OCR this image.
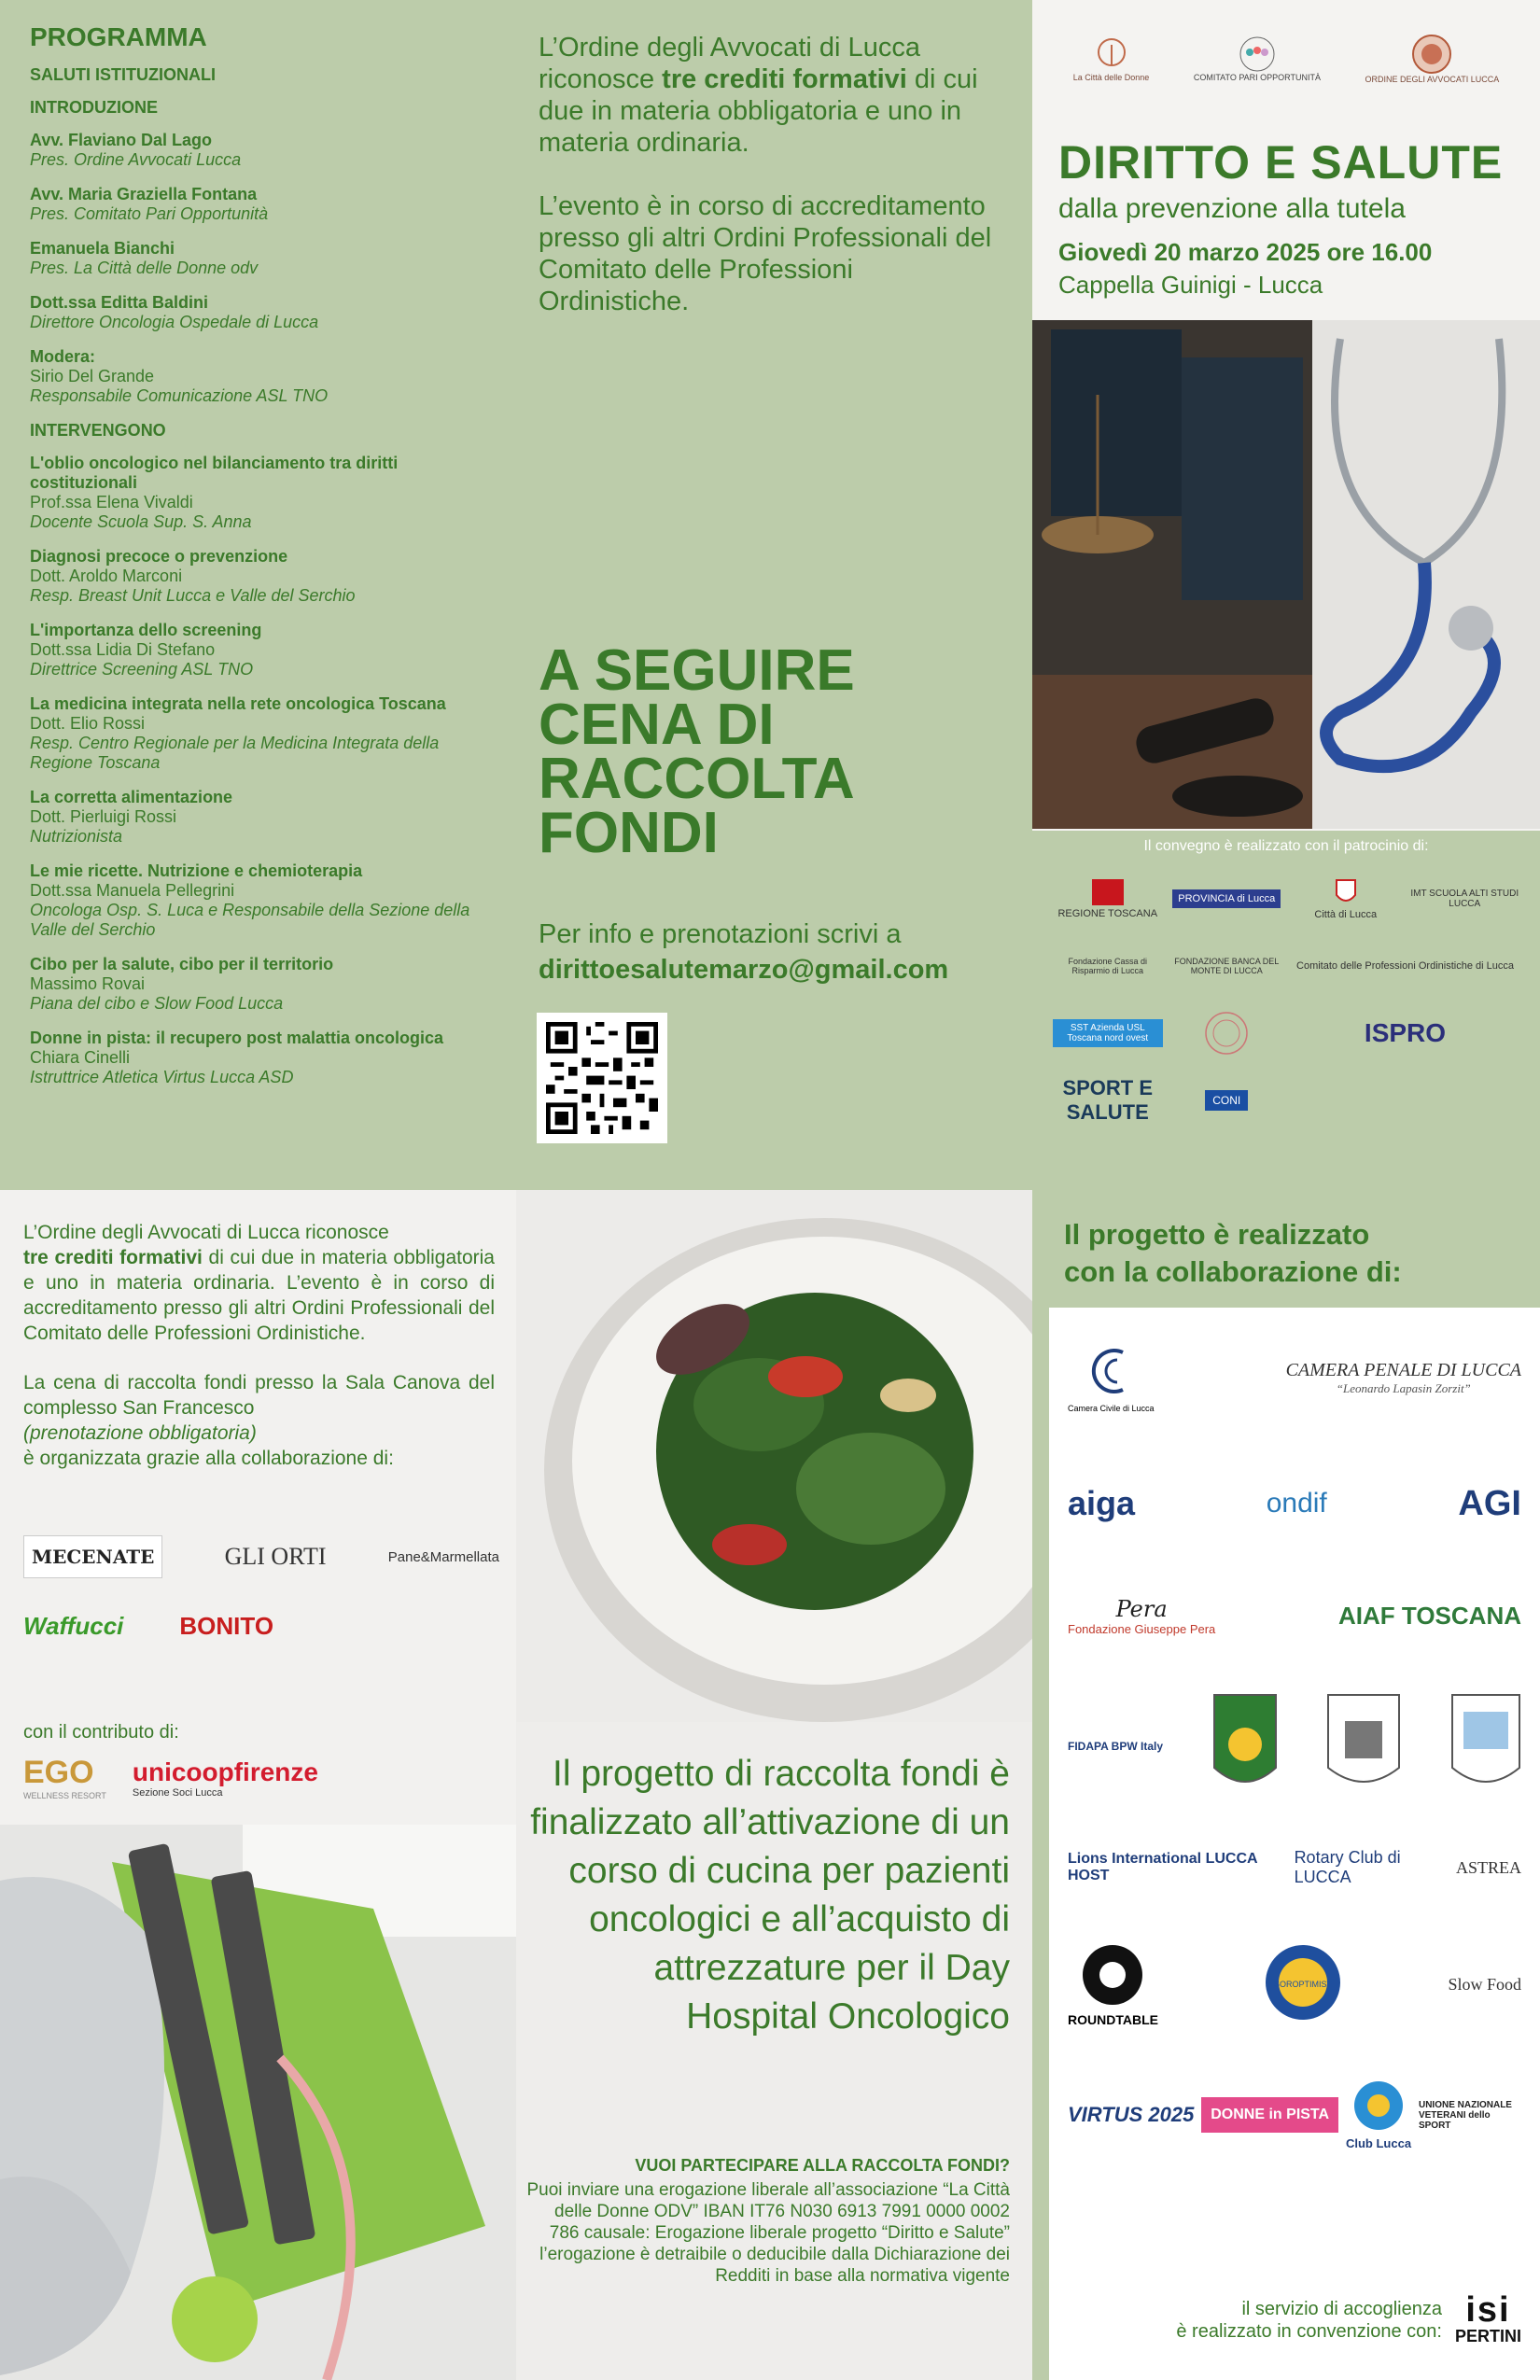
PROGRAMMA
SALUTI ISTITUZIONALI
INTRODUZIONE
Avv. Flaviano Dal Lago
Pres. Ordine Avvocati Lucca
Avv. Maria Graziella Fontana
Pres. Comitato Pari Opportunità
Emanuela Bianchi
Pres. La Città delle Donne odv
Dott.ssa Editta Baldini
Direttore Oncologia Ospedale di Lucca
Modera:
Sirio Del Grande
Responsabile Comunicazione ASL TNO
INTERVENGONO
L'oblio oncologico nel bilanciamento tra diritti costituzionali
Prof.ssa Elena Vivaldi
Docente Scuola Sup. S. Anna
Diagnosi precoce o prevenzione
Dott. Aroldo Marconi
Resp. Breast Unit Lucca e Valle del Serchio
L'importanza dello screening
Dott.ssa Lidia Di Stefano
Direttrice Screening ASL TNO
La medicina integrata nella rete oncologica Toscana
Dott. Elio Rossi
Resp. Centro Regionale per la Medicina Integrata della Regione Toscana
La corretta alimentazione
Dott. Pierluigi Rossi
Nutrizionista
Le mie ricette. Nutrizione e chemioterapia
Dott.ssa Manuela Pellegrini
Oncologa Osp. S. Luca e Responsabile della Sezione della Valle del Serchio
Cibo per la salute, cibo per il territorio
Massimo Rovai
Piana del cibo e Slow Food Lucca
Donne in pista: il recupero post malattia oncologica
Chiara Cinelli
Istruttrice Atletica Virtus Lucca ASD

L’Ordine degli Avvocati di Lucca riconosce tre crediti formativi di cui due in materia obbligatoria e uno in materia ordinaria.

L’evento è in corso di accreditamento presso gli altri Ordini Professionali del Comitato delle Professioni Ordinistiche.

A SEGUIRE
CENA DI
RACCOLTA
FONDI
Per info e prenotazioni scrivi a
dirittoesalutemarzo@gmail.com
La Città delle Donne	COMITATO PARI OPPORTUNITÀ	ORDINE DEGLI AVVOCATI LUCCA
DIRITTO E SALUTE
dalla prevenzione alla tutela
Giovedì 20 marzo 2025 ore 16.00
Cappella Guinigi - Lucca
Il convegno è realizzato con il patrocinio di:
REGIONE TOSCANA
PROVINCIA di Lucca
Città di Lucca
IMT SCUOLA ALTI STUDI LUCCA
Fondazione Cassa di Risparmio di Lucca
FONDAZIONE BANCA DEL MONTE DI LUCCA	Comitato delle Professioni Ordinistiche di Lucca
SST Azienda USL Toscana nord ovest	ISPRO
SPORT E SALUTE	CONI

L’Ordine degli Avvocati di Lucca riconosce
tre crediti formativi di cui due in materia obbligatoria e uno in materia ordinaria. L’evento è in corso di accreditamento presso gli altri Ordini Professionali del Comitato delle Professioni Ordinistiche.

La cena di raccolta fondi presso la Sala Canova del complesso San Francesco
(prenotazione obbligatoria)
è organizzata grazie alla collaborazione di:

MECENATE	GLI ORTI	Pane&Marmellata
Waffucci BONITO
con il contributo di:
EGO
WELLNESS RESORT
unicoopfirenze
Sezione Soci Lucca	Il progetto di raccolta fondi è finalizzato all’attivazione di un corso di cucina per pazienti oncologici e all’acquisto di attrezzature per il Day Hospital Oncologico
VUOI PARTECIPARE ALLA RACCOLTA FONDI?

Puoi inviare una erogazione liberale all’associazione “La Città delle Donne ODV” IBAN IT76 N030 6913 7991 0000 0002 786 causale: Erogazione liberale progetto “Diritto e Salute” l’erogazione è detraibile o deducibile dalla Dichiarazione dei Redditi in base alla normativa vigente

Il progetto è realizzato
con la collaborazione di:
Camera Civile di Lucca
CAMERA PENALE DI LUCCA
“Leonardo Lapasin Zorzit”
aiga	ondif	AGI
Pera
Fondazione Giuseppe Pera	AIAF TOSCANA
FIDAPA BPW Italy
Lions International LUCCA HOST
Rotary Club di LUCCA
ASTREA
ROUNDTABLE
SOROPTIMIST	Slow Food
VIRTUS 2025	DONNE in PISTA
Club Lucca
UNIONE NAZIONALE VETERANI dello SPORT
il servizio di accoglienza
è realizzato in convenzione con:
isi
PERTINI
